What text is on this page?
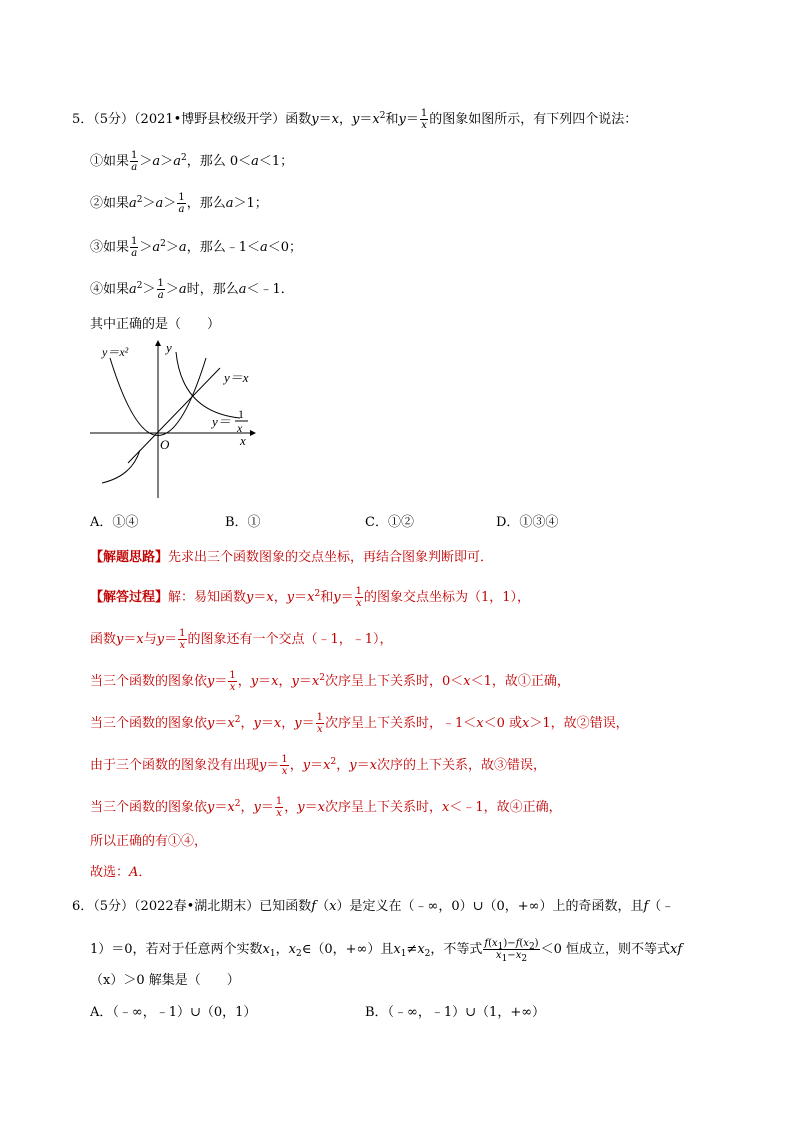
5．（5分）（2021•博野县校级开学）函数y＝x，$y=x^2$和$y= \frac{1}{x}$ 的图象如图所示，有下列四个说法：
①如果 $\frac{1}{a} >a>a^2$，那么 0＜a＜1；
②如果$a^2>a> \frac{1}{a}$ ，那么a＞1；
③如果 $\frac{1}{a} >a^2>a$，那么﹣1＜a＜0；
④如果$a^2> \frac{1}{a} >a$时，那么a＜﹣1．
其中正确的是（　　）
y＝x²	y
y＝x
y＝ 1
x
x
O
A．①④	B．①	C．①②	D．①③④
【解题思路】先求出三个函数图象的交点坐标，再结合图象判断即可．
【解答过程】解：易知函数y＝x，$y=x^2$和$y= \frac{1}{x}$ 的图象交点坐标为（1，1），
函数y＝x与$y= \frac{1}{x}$ 的图象还有一个交点（﹣1，﹣1），
当三个函数的图象依$y= \frac{1}{x}$ ，y＝x，$y=x^2$次序呈上下关系时，0＜x＜1，故①正确，
当三个函数的图象依$y=x^2$，y＝x，$y= \frac{1}{x}$ 次序呈上下关系时，﹣1＜x＜0 或x＞1，故②错误，
由于三个函数的图象没有出现$y= \frac{1}{x}$ ，$y=x^2$，y＝x次序的上下关系，故③错误，
当三个函数的图象依$y=x^2$，$y= \frac{1}{x}$ ，y＝x次序呈上下关系时，x＜﹣1，故④正确，
所以正确的有①④，
故选：A．
6．（5分）（2022春•湖北期末）已知函数f（x）是定义在（﹣∞，0）∪（0，+∞）上的奇函数，且f（﹣
1）＝0，若对于任意两个实数$x_1$，$x_2\in(0$，+∞）且$x_1\ne x_2$，不等式 $\frac{f(x_1)-f(x_2)}{x_1-x_2} <0$ 恒成立，则不等式xf
（x）＞0 解集是（　　）
A．（﹣∞，﹣1）∪（0，1）	B．（﹣∞，﹣1）∪（1，+∞）
